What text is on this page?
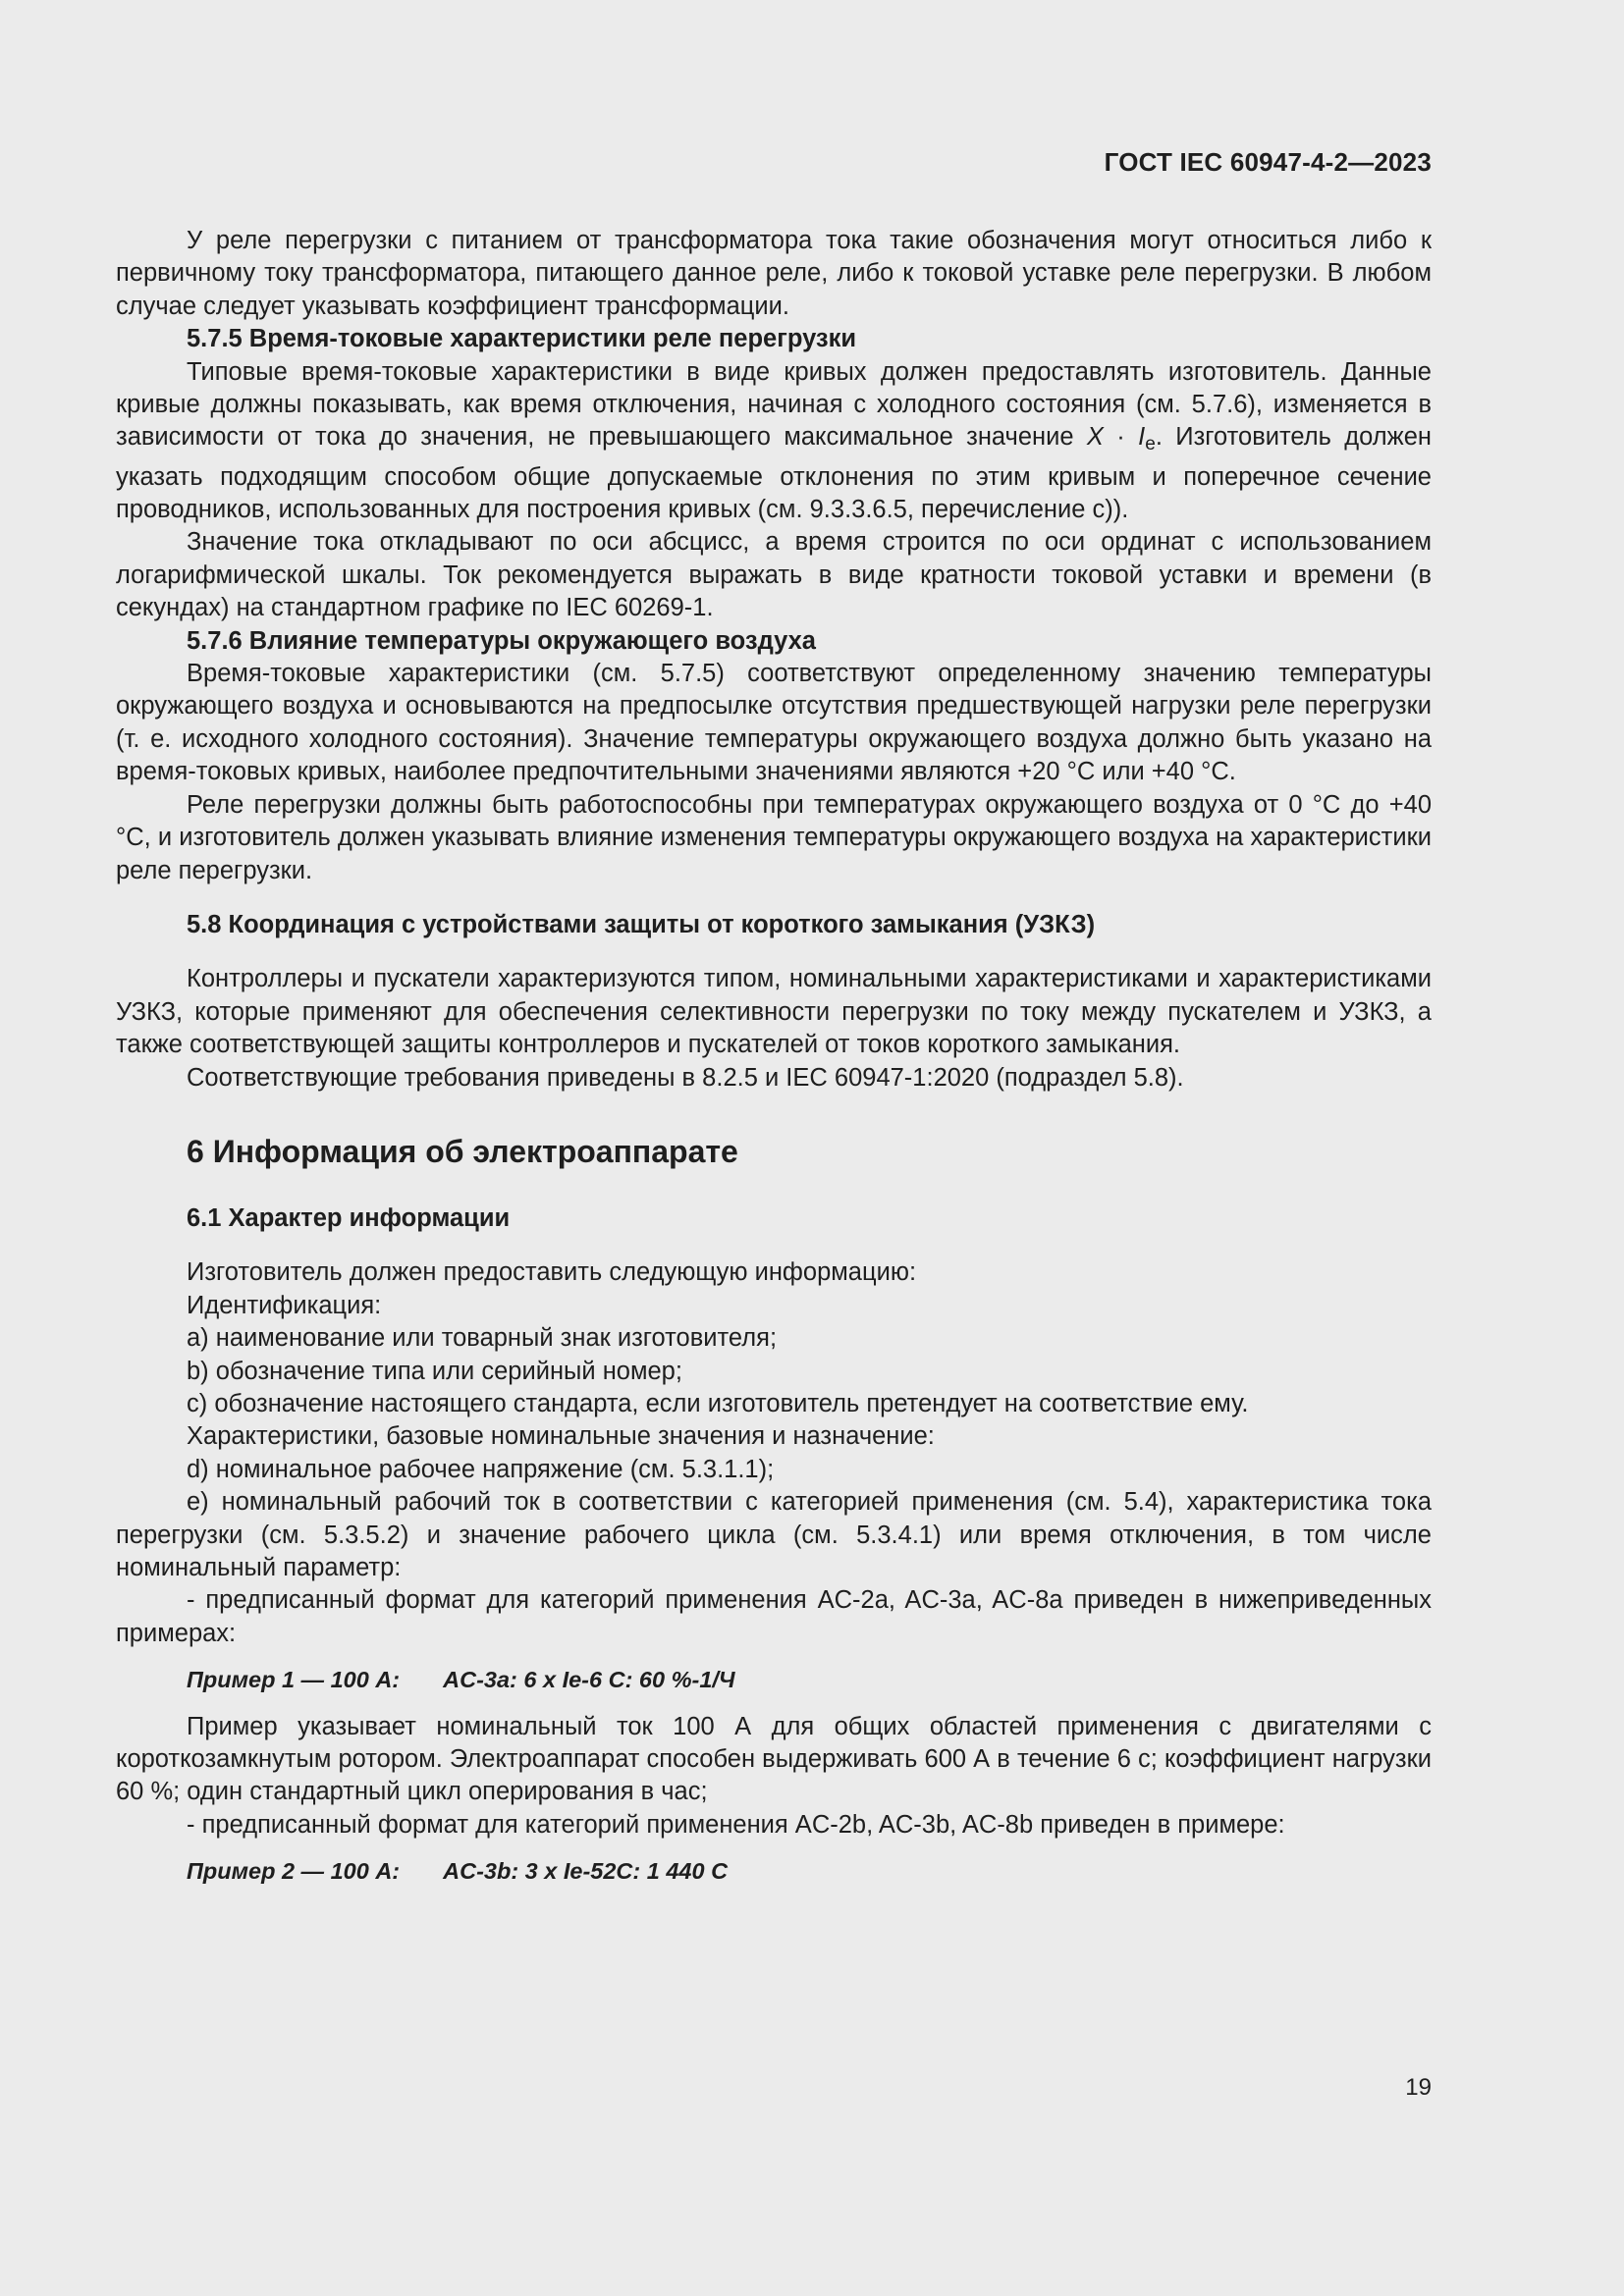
ГОСТ IEC 60947-4-2—2023

У реле перегрузки с питанием от трансформатора тока такие обозначения могут относиться либо к первичному току трансформатора, питающего данное реле, либо к токовой уставке реле перегрузки. В любом случае следует указывать коэффициент трансформации.

5.7.5 Время-токовые характеристики реле перегрузки

Типовые время-токовые характеристики в виде кривых должен предоставлять изготовитель. Данные кривые должны показывать, как время отключения, начиная с холодного состояния (см. 5.7.6), изменяется в зависимости от тока до значения, не превышающего максимальное значение $X \cdot I_e$. Изготовитель должен указать подходящим способом общие допускаемые отклонения по этим кривым и поперечное сечение проводников, использованных для построения кривых (см. 9.3.3.6.5, перечисление c)).

Значение тока откладывают по оси абсцисс, а время строится по оси ординат с использованием логарифмической шкалы. Ток рекомендуется выражать в виде кратности токовой уставки и времени (в секундах) на стандартном графике по IEC 60269-1.

5.7.6 Влияние температуры окружающего воздуха

Время-токовые характеристики (см. 5.7.5) соответствуют определенному значению температуры окружающего воздуха и основываются на предпосылке отсутствия предшествующей нагрузки реле перегрузки (т. е. исходного холодного состояния). Значение температуры окружающего воздуха должно быть указано на время-токовых кривых, наиболее предпочтительными значениями являются +20 °C или +40 °C.

Реле перегрузки должны быть работоспособны при температурах окружающего воздуха от 0 °C до +40 °C, и изготовитель должен указывать влияние изменения температуры окружающего воздуха на характеристики реле перегрузки.

5.8 Координация с устройствами защиты от короткого замыкания (УЗКЗ)

Контроллеры и пускатели характеризуются типом, номинальными характеристиками и характеристиками УЗКЗ, которые применяют для обеспечения селективности перегрузки по току между пускателем и УЗКЗ, а также соответствующей защиты контроллеров и пускателей от токов короткого замыкания.

Соответствующие требования приведены в 8.2.5 и IEC 60947-1:2020 (подраздел 5.8).

6 Информация об электроаппарате
6.1 Характер информации

Изготовитель должен предоставить следующую информацию:

Идентификация:

a) наименование или товарный знак изготовителя;

b) обозначение типа или серийный номер;

c) обозначение настоящего стандарта, если изготовитель претендует на соответствие ему.

Характеристики, базовые номинальные значения и назначение:

d) номинальное рабочее напряжение (см. 5.3.1.1);

e) номинальный рабочий ток в соответствии с категорией применения (см. 5.4), характеристика тока перегрузки (см. 5.3.5.2) и значение рабочего цикла (см. 5.3.4.1) или время отключения, в том числе номинальный параметр:

- предписанный формат для категорий применения AC-2a, AC-3a, AC-8a приведен в нижеприведенных примерах:

Пример 1 — 100 А: AC-3a: 6 x Ie-6 C: 60 %-1/Ч

Пример указывает номинальный ток 100 А для общих областей применения с двигателями с короткозамкнутым ротором. Электроаппарат способен выдерживать 600 А в течение 6 с; коэффициент нагрузки 60 %; один стандартный цикл оперирования в час;

- предписанный формат для категорий применения AC-2b, AC-3b, AC-8b приведен в примере:

Пример 2 — 100 А: AC-3b: 3 x Ie-52C: 1 440 C
19
